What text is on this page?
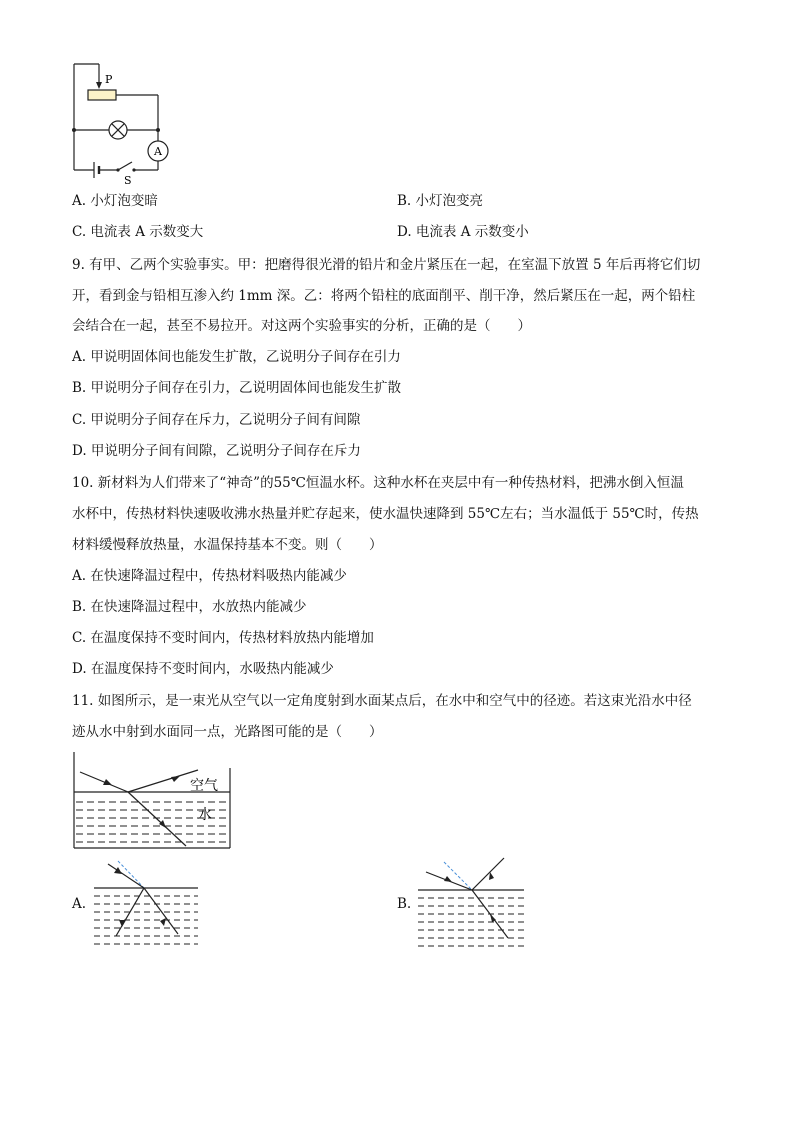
P
A
S
A. 小灯泡变暗	B. 小灯泡变亮
C. 电流表 A 示数变大	D. 电流表 A 示数变小
9. 有甲、乙两个实验事实。甲：把磨得很光滑的铅片和金片紧压在一起，在室温下放置 5 年后再将它们切
开，看到金与铅相互渗入约 1mm 深。乙：将两个铅柱的底面削平、削干净，然后紧压在一起，两个铅柱
会结合在一起，甚至不易拉开。对这两个实验事实的分析，正确的是（　　）
A. 甲说明固体间也能发生扩散，乙说明分子间存在引力
B. 甲说明分子间存在引力，乙说明固体间也能发生扩散
C. 甲说明分子间存在斥力，乙说明分子间有间隙
D. 甲说明分子间有间隙，乙说明分子间存在斥力
10. 新材料为人们带来了“神奇”的55℃恒温水杯。这种水杯在夹层中有一种传热材料，把沸水倒入恒温
水杯中，传热材料快速吸收沸水热量并贮存起来，使水温快速降到 55℃左右；当水温低于 55℃时，传热
材料缓慢释放热量，水温保持基本不变。则（　　）
A. 在快速降温过程中，传热材料吸热内能减少
B. 在快速降温过程中，水放热内能减少
C. 在温度保持不变时间内，传热材料放热内能增加
D. 在温度保持不变时间内，水吸热内能减少
11. 如图所示，是一束光从空气以一定角度射到水面某点后，在水中和空气中的径迹。若这束光沿水中径
迹从水中射到水面同一点，光路图可能的是（　　）
空气
水
A.	B.
